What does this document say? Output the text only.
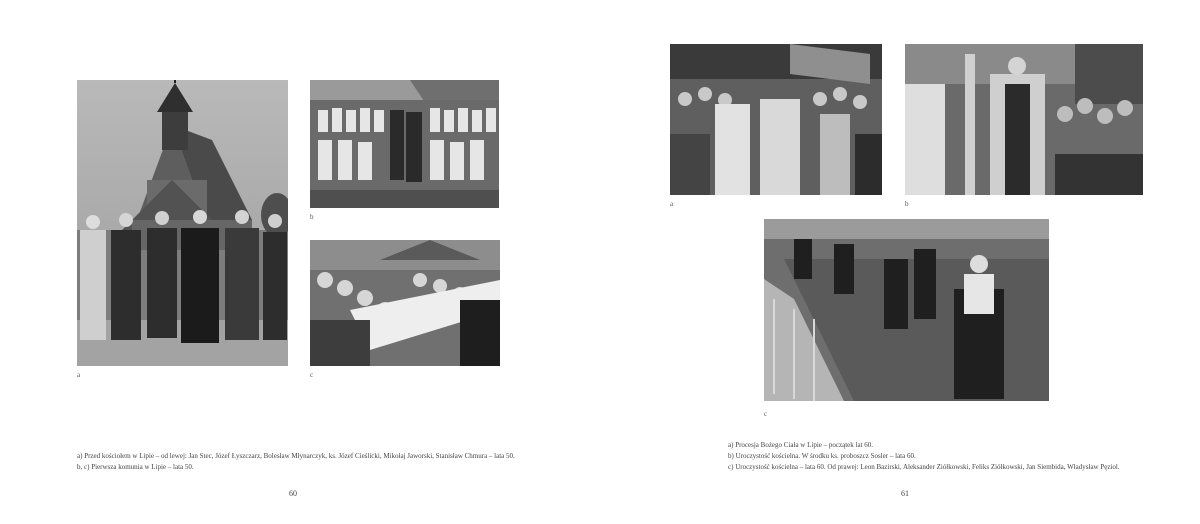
a
b
c
a) Przed kościołem w Lipie – od lewej: Jan Stec, Józef Łyszczarz, Bolesław Młynarczyk, ks. Józef Cieślicki, Mikołaj Jaworski, Stanisław Chmura – lata 50.
b, c) Pierwsza komunia w Lipie – lata 50.
60
a	b
c
a) Procesja Bożego Ciała w Lipie – początek lat 60.
b) Uroczystość kościelna. W środku ks. proboszcz Sosler – lata 60.
c) Uroczystość kościelna – lata 60. Od prawej: Leon Bazirski, Aleksander Ziółkowski, Feliks Ziółkowski, Jan Siembida, Władysław Pęziol.
61
